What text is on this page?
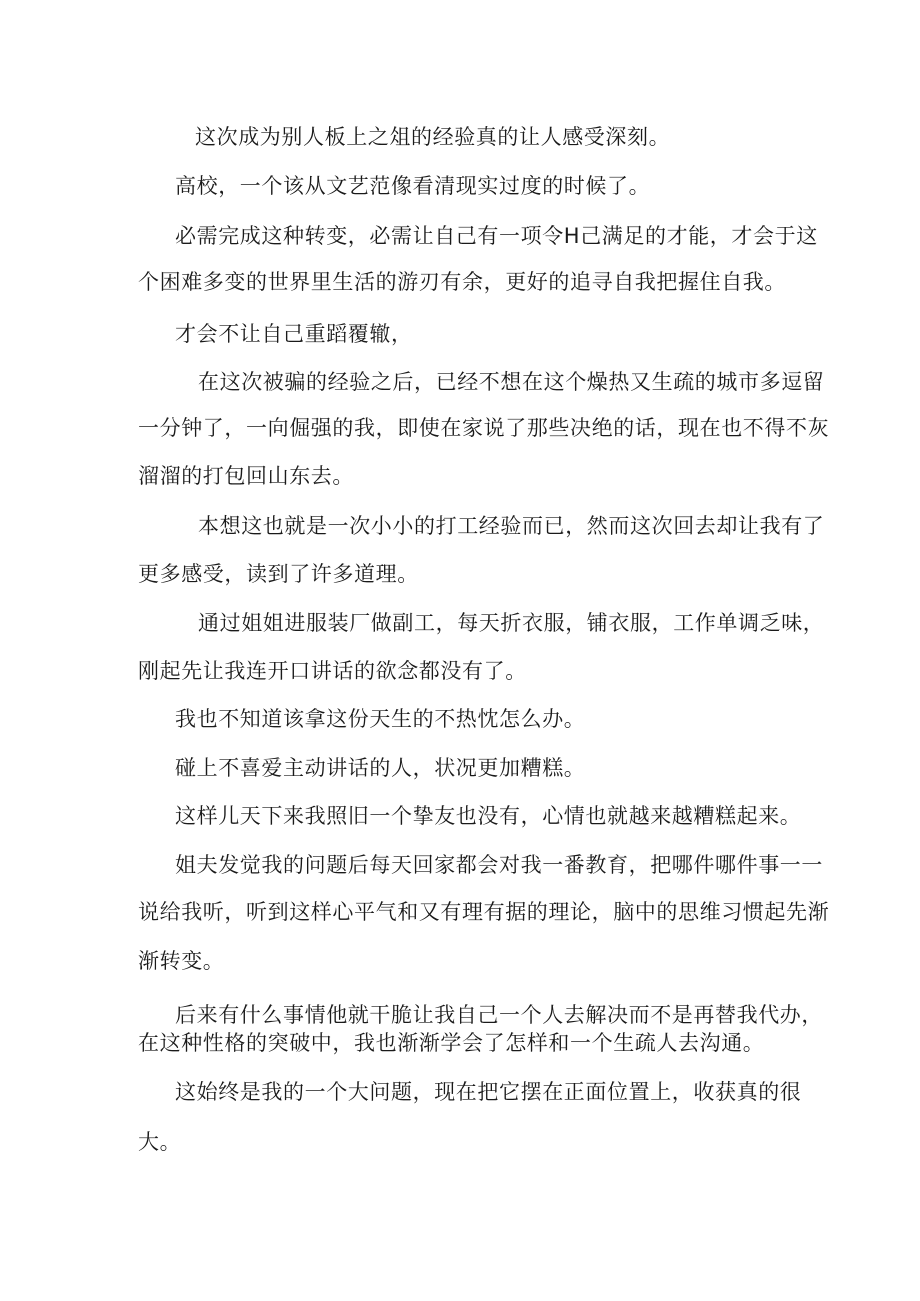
这次成为别人板上之俎的经验真的让人感受深刻。
高校，一个该从文艺范像看清现实过度的时候了。
必需完成这种转变，必需让自己有一项令H己满足的才能，才会于这
个困难多变的世界里生活的游刃有余，更好的追寻自我把握住自我。
才会不让自己重蹈覆辙，
在这次被骗的经验之后，已经不想在这个燥热又生疏的城市多逗留
一分钟了，一向倔强的我，即使在家说了那些决绝的话，现在也不得不灰
溜溜的打包回山东去。
本想这也就是一次小小的打工经验而已，然而这次回去却让我有了
更多感受，读到了许多道理。
通过姐姐进服装厂做副工，每天折衣服，铺衣服，工作单调乏味，
刚起先让我连开口讲话的欲念都没有了。
我也不知道该拿这份天生的不热忱怎么办。
碰上不喜爱主动讲话的人，状况更加糟糕。
这样儿天下来我照旧一个挚友也没有，心情也就越来越糟糕起来。
姐夫发觉我的问题后每天回家都会对我一番教育，把哪件哪件事一一
说给我听，听到这样心平气和又有理有据的理论，脑中的思维习惯起先渐
渐转变。
后来有什么事情他就干脆让我自己一个人去解决而不是再替我代办，
在这种性格的突破中，我也渐渐学会了怎样和一个生疏人去沟通。
这始终是我的一个大问题，现在把它摆在正面位置上，收获真的很
大。
